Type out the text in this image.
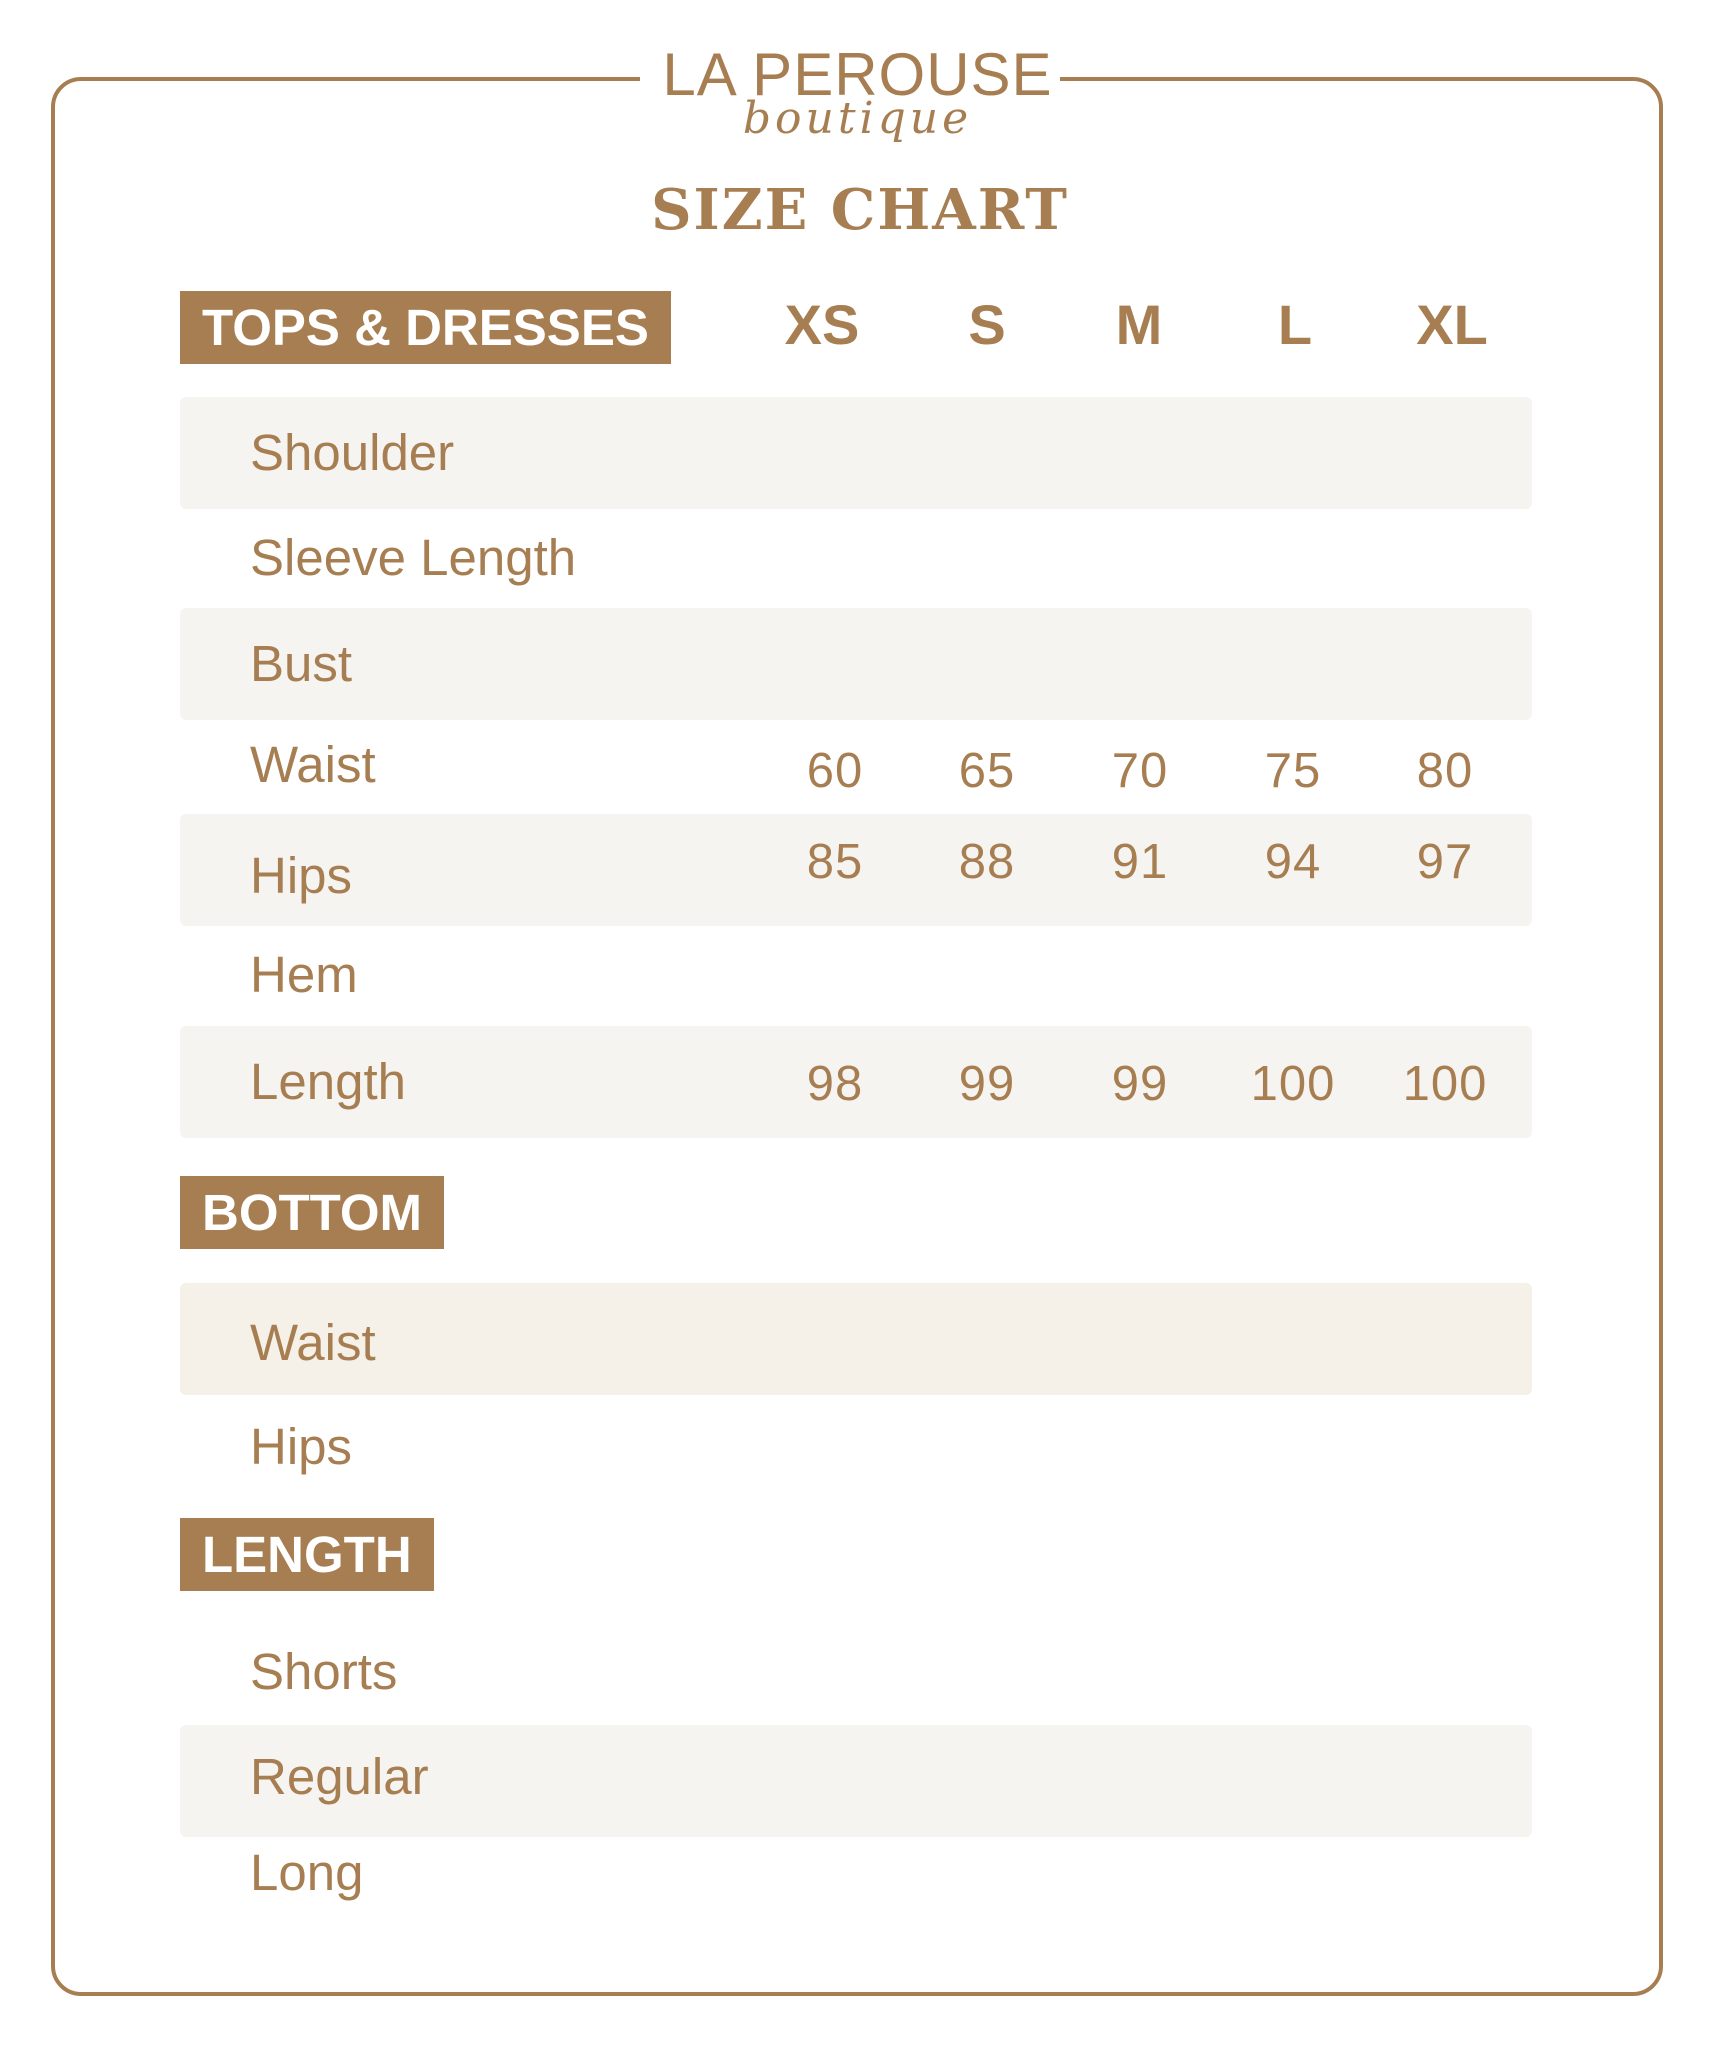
LA PEROUSE
boutique
SIZE CHART
TOPS & DRESSES	XS	S	M	L	XL
Shoulder
Sleeve Length
Bust
Waist	60	65	70	75	80
Hips	85	88	91	94	97
Hem
Length	98	99	99	100	100
BOTTOM
Waist
Hips
LENGTH
Shorts
Regular
Long
